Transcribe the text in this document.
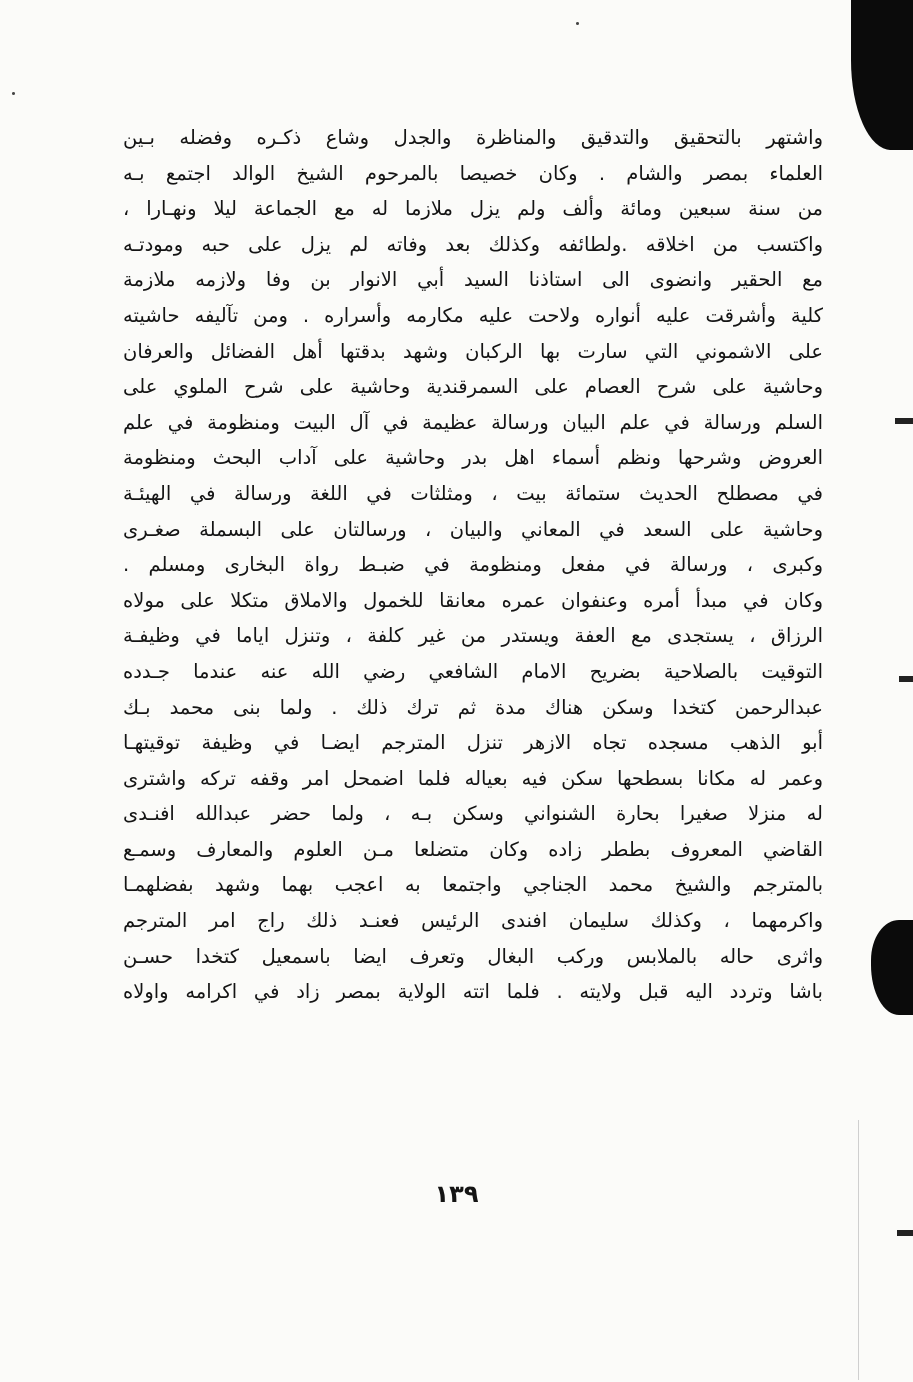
واشتهر بالتحقيق والتدقيق والمناظرة والجدل وشاع ذكـره وفضله بـين
العلماء بمصر والشام . وكان خصيصا بالمرحوم الشيخ الوالد اجتمع بـه
من سنة سبعين ومائة وألف ولم يزل ملازما له مع الجماعة ليلا ونهـارا ،
واكتسب من اخلاقه .ولطائفه وكذلك بعد وفاته لم يزل على حبه ومودتـه
مع الحقير وانضوى الى استاذنا السيد أبي الانوار بن وفا ولازمه ملازمة
كلية وأشرقت عليه أنواره ولاحت عليه مكارمه وأسراره . ومن تآليفه حاشيته
على الاشموني التي سارت بها الركبان وشهد بدقتها أهل الفضائل والعرفان
وحاشية على شرح العصام على السمرقندية وحاشية على شرح الملوي على
السلم ورسالة في علم البيان ورسالة عظيمة في آل البيت ومنظومة في علم
العروض وشرحها ونظم أسماء اهل بدر وحاشية على آداب البحث ومنظومة
في مصطلح الحديث ستمائة بيت ، ومثلثات في اللغة ورسالة في الهيئـة
وحاشية على السعد في المعاني والبيان ، ورسالتان على البسملة صغـرى
وكبرى ، ورسالة في مفعل ومنظومة في ضبـط رواة البخارى ومسلم .
وكان في مبدأ أمره وعنفوان عمره معانقا للخمول والاملاق متكلا على مولاه
الرزاق ، يستجدى مع العفة ويستدر من غير كلفة ، وتنزل اياما في وظيفـة
التوقيت بالصلاحية بضريح الامام الشافعي رضي الله عنه عندما جـدده
عبدالرحمن كتخدا وسكن هناك مدة ثم ترك ذلك . ولما بنى محمد بـك
أبو الذهب مسجده تجاه الازهر تنزل المترجم ايضـا في وظيفة توقيتهـا
وعمر له مكانا بسطحها سكن فيه بعياله فلما اضمحل امر وقفه تركه واشترى
له منزلا صغيرا بحارة الشنواني وسكن بـه ، ولما حضر عبدالله افنـدى
القاضي المعروف بططر زاده وكان متضلعا مـن العلوم والمعارف وسمـع
بالمترجم والشيخ محمد الجناجي واجتمعا به اعجب بهما وشهد بفضلهمـا
واكرمهما ، وكذلك سليمان افندى الرئيس فعنـد ذلك راج امر المترجم
واثرى حاله بالملابس وركب البغال وتعرف ايضا باسمعيل كتخدا حسـن
باشا وتردد اليه قبل ولايته . فلما اتته الولاية بمصر زاد في اكرامه واولاه
١٣٩
